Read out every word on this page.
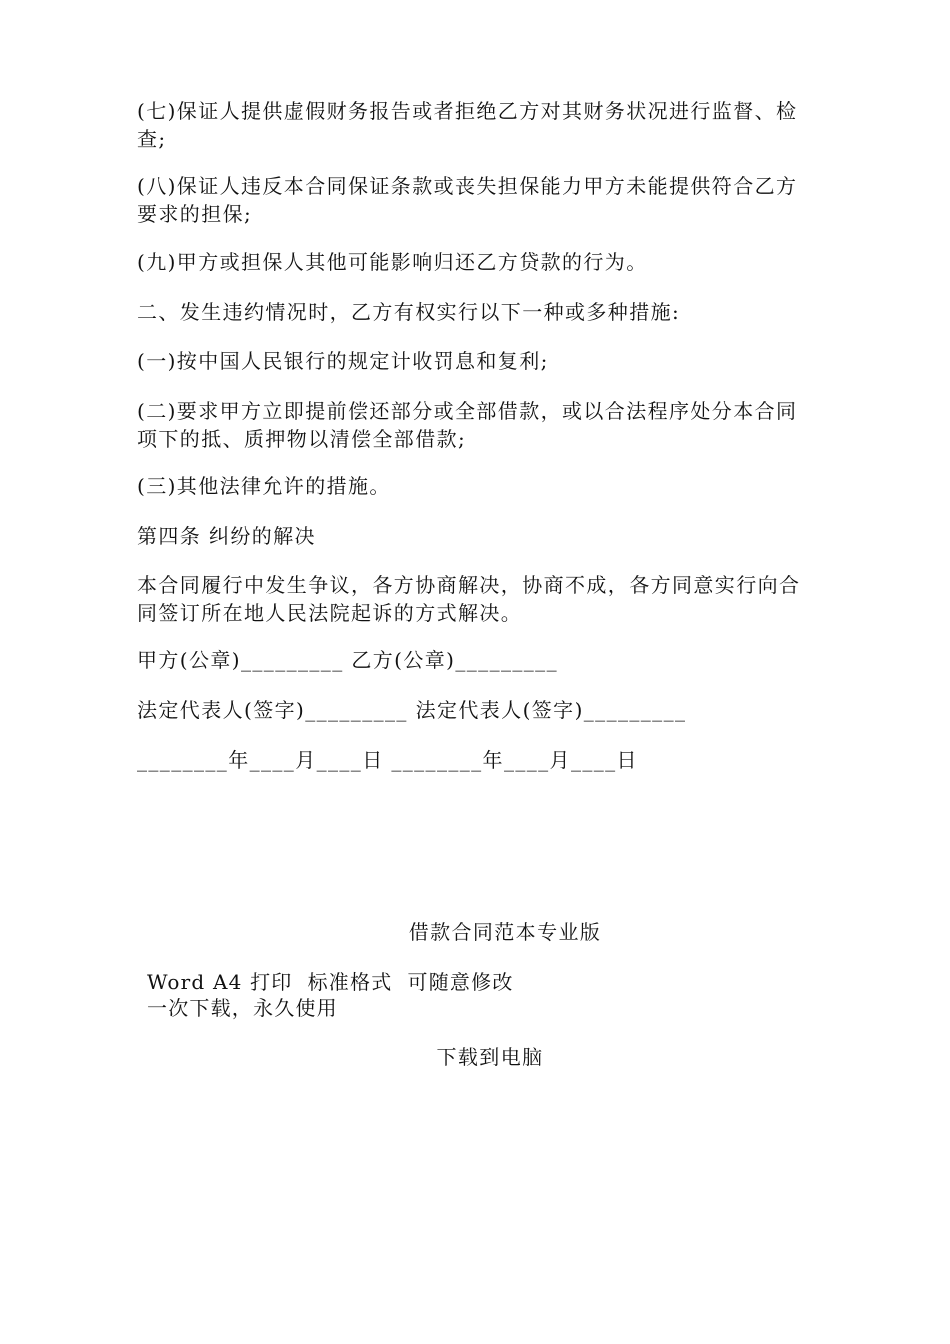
(七)保证人提供虚假财务报告或者拒绝乙方对其财务状况进行监督、检查;

(八)保证人违反本合同保证条款或丧失担保能力甲方未能提供符合乙方要求的担保;

(九)甲方或担保人其他可能影响归还乙方贷款的行为。

二、发生违约情况时，乙方有权实行以下一种或多种措施:

(一)按中国人民银行的规定计收罚息和复利;

(二)要求甲方立即提前偿还部分或全部借款，或以合法程序处分本合同项下的抵、质押物以清偿全部借款;

(三)其他法律允许的措施。

第四条 纠纷的解决

本合同履行中发生争议，各方协商解决，协商不成，各方同意实行向合同签订所在地人民法院起诉的方式解决。

甲方(公章)_________ 乙方(公章)_________

法定代表人(签字)_________ 法定代表人(签字)_________

________年____月____日 ________年____月____日

借款合同范本专业版

Word A4 打印  标准格式  可随意修改

一次下载，永久使用

下载到电脑
